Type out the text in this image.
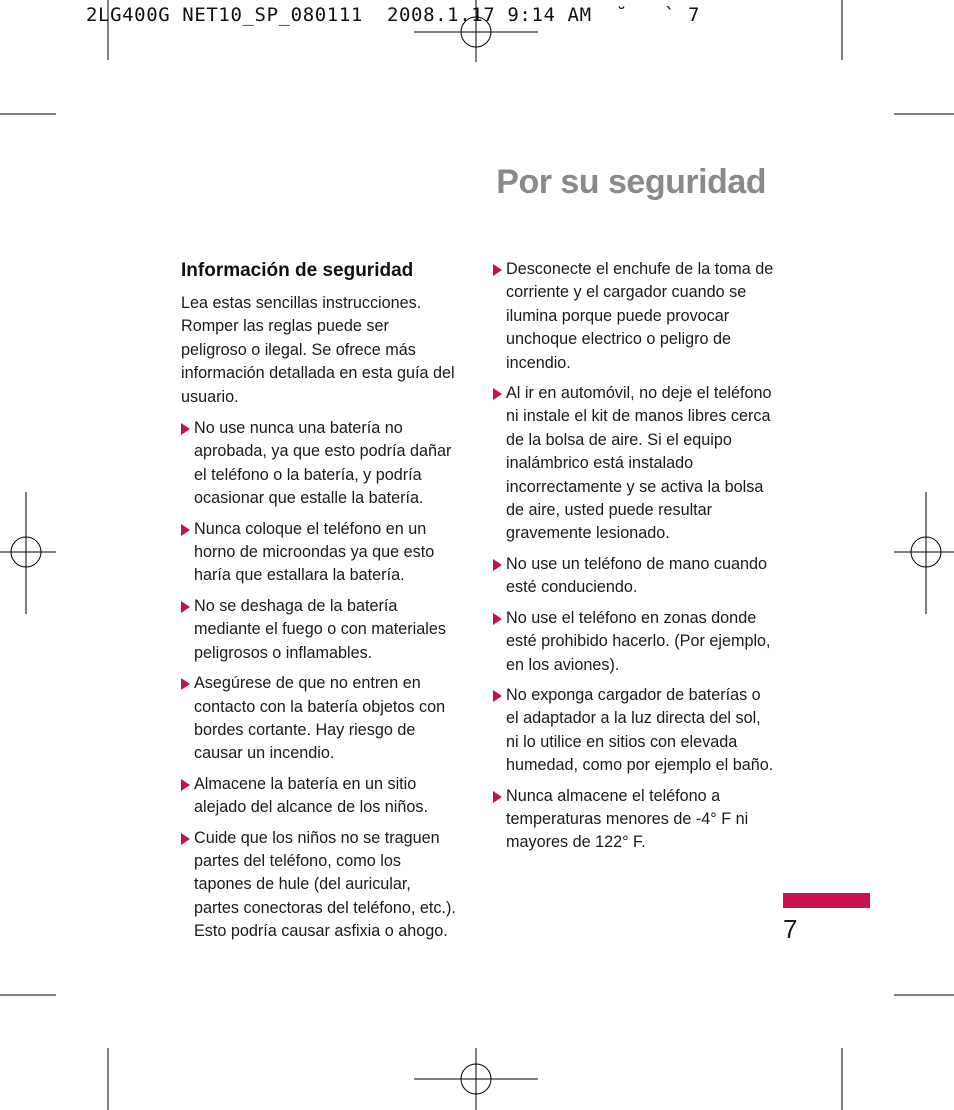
2LG400G NET10_SP_080111  2008.1.17 9:14 AM  ˘   ` 7
Por su seguridad
Información de seguridad

Lea estas sencillas instrucciones. Romper las reglas puede ser peligroso o ilegal. Se ofrece más información detallada en esta guía del usuario.

No use nunca una batería no aprobada, ya que esto podría dañar el teléfono o la batería, y podría ocasionar que estalle la batería.
Nunca coloque el teléfono en un horno de microondas ya que esto haría que estallara la batería.
No se deshaga de la batería mediante el fuego o con materiales peligrosos o inflamables.
Asegúrese de que no entren en contacto con la batería objetos con bordes cortante. Hay riesgo de causar un incendio.
Almacene la batería en un sitio alejado del alcance de los niños.
Cuide que los niños no se traguen partes del teléfono, como los tapones de hule (del auricular, partes conectoras del teléfono, etc.). Esto podría causar asfixia o ahogo.
Desconecte el enchufe de la toma de corriente y el cargador cuando se ilumina porque puede provocar unchoque electrico o peligro de incendio.
Al ir en automóvil, no deje el teléfono ni instale el kit de manos libres cerca de la bolsa de aire. Si el equipo inalámbrico está instalado incorrectamente y se activa la bolsa de aire, usted puede resultar gravemente lesionado.
No use un teléfono de mano cuando esté conduciendo.
No use el teléfono en zonas donde esté prohibido hacerlo. (Por ejemplo, en los aviones).
No exponga cargador de baterías o el adaptador a la luz directa del sol, ni lo utilice en sitios con elevada humedad, como por ejemplo el baño.
Nunca almacene el teléfono a temperaturas menores de -4° F ni mayores de 122° F.
7
